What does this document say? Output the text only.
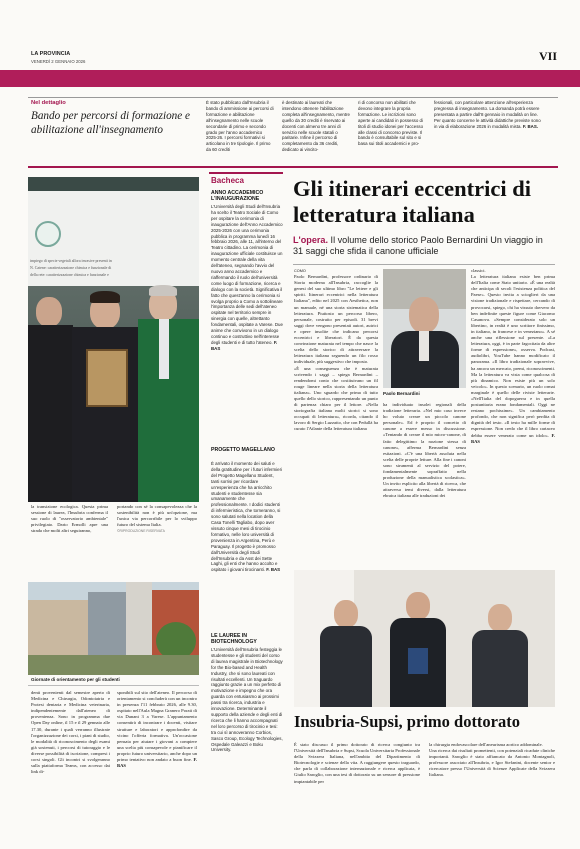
LA PROVINCIA
VENERDÌ 2 GENNAIO 2026	VII
Nel dettaglio
Bando per percorsi di formazione e abilitazione all'insegnamento
È stato pubblicato dall'Insubria il bando di ammissione ai percorsi di formazione e abilitazione all'insegnamento nelle scuole secondarie di primo e secondo grado per l'anno accademico 2025-26. I percorsi formativi si articolano in tre tipologie. Il primo da 60 crediti
è destinato ai laureati che intendono ottenere l'abilitazione completa all'insegnamento, mentre quello da 30 crediti è riservato ai docenti con almeno tre anni di servizio nelle scuole statali o paritarie. Infine il percorso di completamento da 36 crediti, dedicato ai vincito-
ri di concorso non abilitati che devono integrare la propria formazione. Le iscrizioni sono aperte ai candidati in possesso di titoli di studio idonei per l'accesso alle classi di concorso previste. Il bando è consultabile sul sito e si basa sui titoli accademici e pro-
fessionali, con particolare attenzione all'esperienza pregressa di insegnamento. La domanda potrà essere presentata a partire dall'8 gennaio in modalità on line. Per quanto concerne le attività didattiche previste sono in via di elaborazione 2026 in modalità mista. F. BAS.
impiego di specie vegetali allora invasive presenti in
N. Catene: caratterizzazione chimica e funzionale di
della rete: caratterizzazione chimica e funzionale e
la transizione ecologica. Questa prima sessione di laurea, l'Insubria conferma il suo ruolo di "osservatorio ambientale" privilegiato. Dario Ermolli apre una strada che molti altri seguiranno,
portando con sé la consapevolezza che la sostenibilità non è più un'opzione, ma l'unica via percorribile per lo sviluppo futuro del sistema Italia.
©RIPRODUZIONE RISERVATA
Giornate di orientamento per gli studenti
denti provenienti dal semestre aperto di Medicina e Chirurgia, Odontoiatria e Protesi dentaria e Medicina veterinaria, indipendentemente dall'ateneo di provenienza. Sono in programma due Open Day online, il 15 e il 29 gennaio alle 17.30, durante i quali verranno illustrate l'organizzazione dei corsi, i piani di studio, le modalità di riconoscimento degli esami già sostenuti, i percorsi di tutoraggio e le diverse possibilità di iscrizione, compresi i corsi singoli. Gli incontri si svolgeranno sulla piattaforma Teams, con accesso dai link di-
sponibili sul sito dell'ateneo. Il percorso di orientamento si concluderà con un incontro in presenza l'11 febbraio 2026, alle 9.30, ospitato nell'Aula Magna Granero Porati di via Dunant 3 a Varese. L'appuntamento consentirà di incontrare i docenti, visitare strutture e laboratori e approfondire da vicino l'offerta formativa. Un'occasione pensata per aiutare i giovani a compiere una scelta più consapevole e pianificare il proprio futuro universitario, anche dopo un primo tentativo non andato a buon fine. F. BAS
Bacheca
ANNO ACCADEMICO L'INAUGURAZIONE
L'Università degli Studi dell'Insubria ha scelto il Teatro Sociale di Como per ospitare la cerimonia di inaugurazione dell'Anno Accademico 2025-2026 con una cerimonia pubblica in programma lunedì 16 febbraio 2026, alle 11, all'interno del Teatro cittadino. La cerimonia di inaugurazione ufficiale costituisce un momento centrale della vita dell'ateneo, segnando l'avvio del nuovo anno accademico e riaffermando il ruolo dell'università come luogo di formazione, ricerca e dialogo con la società. Significativa il fatto che quest'anno la cerimonia si svolga proprio a Como a sottolineare l'importanza delle sedi dell'ateneo ospitate nel territorio sempre in sinergia con quelle, altrettanto fondamentali, ospitate a Varese. Due anime che convivono in un dialogo continuo e costruttivo nell'interesse degli studenti e di tutto l'ateneo. F. BAS
PROGETTO MAGELLANO
È arrivato il momento dei saluti e della gratitudine per i futuri infermieri del Progetto Magellano Student, tanti sorrisi per ricordare un'esperienza che ha arricchito studenti e studentesse sia umanamente che professionalmente. I dodici studenti di infermieristica, che torneranno, si sono salutati nella location della Casa Tonelli Tagliabo, dopo aver vissuto cinque mesi di tirocinio formativo, nelle loro università di provenienza in Argentina, Perù e Paraguay. Il progetto è promosso dall'Università degli Studi dell'Insubria e da Asst dei Sette Laghi, gli enti che hanno accolto e ospitato i giovani tirocinanti. F. BAS
LE LAUREE IN BIOTECHNOLOGY
L'Università dell'Insubria festeggia le studentesse e gli studenti del corso di laurea magistrale in Biotechnology for the Bio-based and Health Industry, che si sono laureati con risultati eccellenti. Un traguardo raggiunto grazie a un mix perfetto di motivazione e impegno che ora guarda con entusiasmo ai prossimi passi tra ricerca, industria e innovazione. Determinante il supporto della aziende e degli enti di ricerca che li hanno accompagnati nel loro percorso di tirocinio e tesi: tra cui sì annoveranno Corbios, Sasco Group, Ecology Technologies, Ospedale Galeazzi e Boku University.
Gli itinerari eccentrici di letteratura italiana
L'opera. Il volume dello storico Paolo Bernardini Un viaggio in 31 saggi che sfida il canone ufficiale
COMO
Paolo Bernardini, professore ordinario di Storia moderna all'Insubria, raccoglie la genesi del suo ultimo libro "Le lettere e gli spiriti. Itinerari eccentrici nella letteratura Italiana", edito nel 2025 con Aesthetica, non un manuale, né una storia sistematica della letteratura. Piuttosto un percorso libero, personale, costruito per episodi. 31 brevi saggi dove vengono presentati autori, autrici e opere insolite che indicano percorsi eccentrici e liberatori. È da questa convinzione maturata nel tempo che nasce la scelta dello storico di attraversare la letteratura italiana seguendo un filo rosso individuale, più suggestivo che imposto.
«È una conseguenza che è maturata scrivendo i saggi – spiega Bernardini – rendendomi conto che costituivano un fil rouge lineare nella storia della letteratura italiana». Uno sguardo che prima di tutto quello dello storico, rappresentando un punto di partenza chiaro per il lettore. «Nella storiografia italiana molti storici si sono occupati di letteratura», ricorda, citando il lavoro di Sergio Luzzatto, che con Pedullà ha curato l'Atlante della letteratura italiana
Paolo Bernardini
ha individuato insolei regionali della tradizione letteraria. «Nel mio caso invece ho voluto creare un piccolo canone personale». Ed è proprio il concetto di canone a essere messo in discussione. «Tentando di creare il mio micro-canone, di fatto delegittimo la nozione stessa di canone», afferma Bernardini senza esitazioni. «C'è una libertà assoluta nella scelta delle proprie letture. Alla fine i canoni sono strumenti al servizio del potere, fondamentalmente sopraffatto nella produzione della manualistica scolastica». Un invito esplicito alla libertà di ricerca, che attraversa temi diversi, dalla letteratura ebraica italiana alle traduzioni dei
classici.
La letteratura italiana esiste ben prima dell'Italia come Stato unitario. «È una realtà che anticipa di secoli l'esistenza politica del Paese». Questo invita a scioglieri da una visione tradizionale e rispettare, cercando di provocarsi, spiego, chi ha vissuto davvero da ben indefinite queste figure come Giacomo Casanova. «Sempre considerato solo un libertino, in realtà è uno scrittore finissimo, in italiano, in francese e in veneziano». A sé anche una riflessione sul presente. «La letteratura, oggi, è in parte fagocitata da altre forme di espressione», osserva. Podcast, audiolibri, YouTube hanno modificato il panorama. «Il libro tradizionale sopravvive, ha ancora un mercato, premi, riconoscimenti. Ma la letteratura va vista come qualcosa di più dinamico. Non esiste più un solo veicolo». In questo scenario, un ruolo ormai marginale è quello delle riviste letterarie. «Nell'Italia del dopoguerra e in quella postunitaria erano fondamentali. Oggi ne restano pochissime». Un cambiamento profondo, che non significa però perdita di dignità del testo. «Il testo ha mille forme di espressione. Non credo che il libro cartaceo debba essere venerato come un idolo». F. BAS
Insubria-Supsi, primo dottorato
È stato discusso il primo dottorato di ricerca congiunto tra l'Università dell'Insubria e Supsi, Scuola Universitaria Professionale della Svizzera Italiana, nell'ambito del Dipartimento di Biotecnologie e scienze della vita. A raggiungere questo traguardo, che parla di collaborazione internazionale e ricerca applicata, è Giulio Saroglio, con una tesi di dottorato su un sensore di pressione impiantabile per
la chirurgia endovascolare dell'aneurisma aortico addominale.
Una ricerca dai risultati promettenti, con potenziali ricadute cliniche importanti. Saroglio è stato affiancato da Antonio Montagnoli, professore associato all'Insubria, e Igor Stefanini, docente senior e ricercatore presso l'Università di Scienze Applicate della Svizzera Italiana.
